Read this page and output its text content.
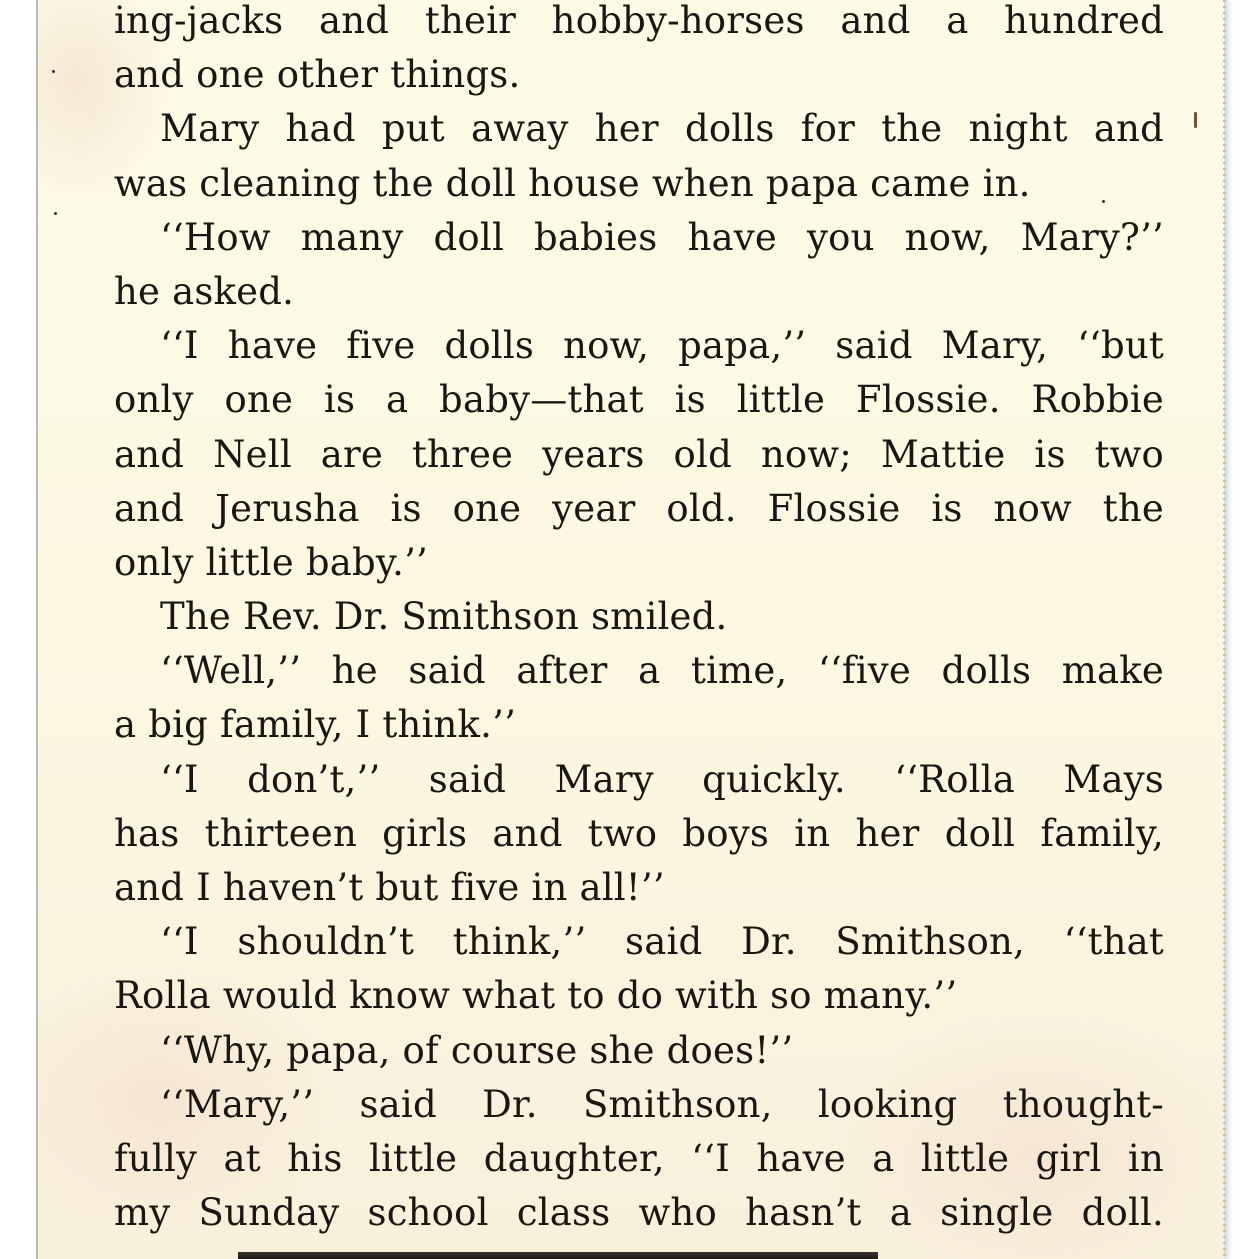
ing-jacks and their hobby-horses and a hundred
and one other things.
Mary had put away her dolls for the night and
was cleaning the doll house when papa came in.
‘‘How many doll babies have you now, Mary?’’
he asked.
‘‘I have five dolls now, papa,’’ said Mary, ‘‘but
only one is a baby—that is little Flossie. Robbie
and Nell are three years old now; Mattie is two
and Jerusha is one year old. Flossie is now the
only little baby.’’
The Rev. Dr. Smithson smiled.
‘‘Well,’’ he said after a time, ‘‘five dolls make
a big family, I think.’’
‘‘I don’t,’’ said Mary quickly. ‘‘Rolla Mays
has thirteen girls and two boys in her doll family,
and I haven’t but five in all!’’
‘‘I shouldn’t think,’’ said Dr. Smithson, ‘‘that
Rolla would know what to do with so many.’’
‘‘Why, papa, of course she does!’’
‘‘Mary,’’ said Dr. Smithson, looking thought-
fully at his little daughter, ‘‘I have a little girl in
my Sunday school class who hasn’t a single doll.
